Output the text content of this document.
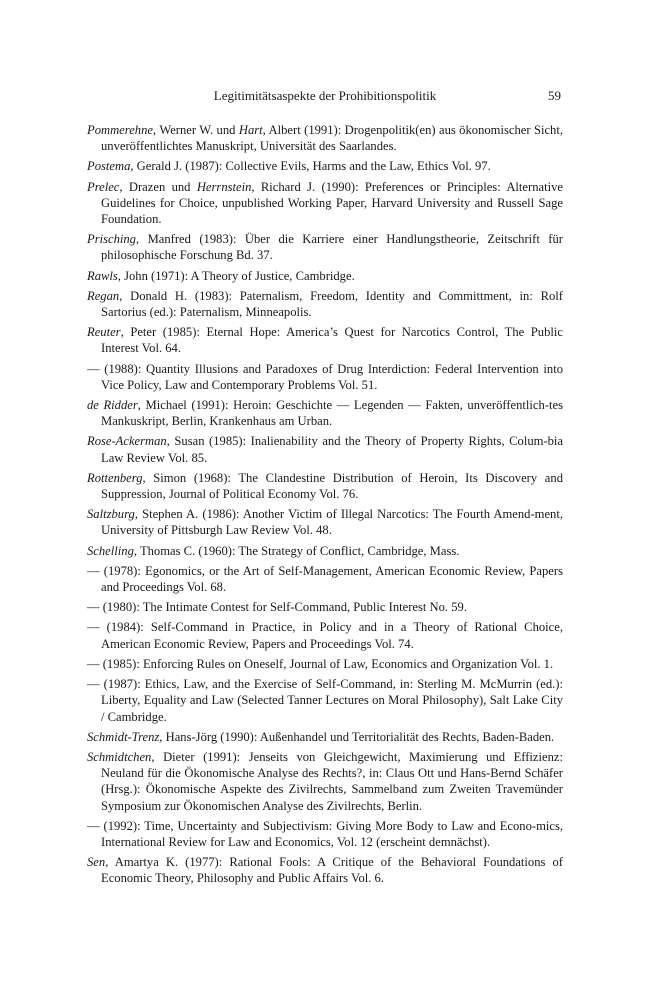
Legitimitätsaspekte der Prohibitionspolitik	59

Pommerehne, Werner W. und Hart, Albert (1991): Drogenpolitik(en) aus ökonomischer Sicht, unveröffentlichtes Manuskript, Universität des Saarlandes.

Postema, Gerald J. (1987): Collective Evils, Harms and the Law, Ethics Vol. 97.

Prelec, Drazen und Herrnstein, Richard J. (1990): Preferences or Principles: Alternative Guidelines for Choice, unpublished Working Paper, Harvard University and Russell Sage Foundation.

Prisching, Manfred (1983): Über die Karriere einer Handlungstheorie, Zeitschrift für philosophische Forschung Bd. 37.

Rawls, John (1971): A Theory of Justice, Cambridge.

Regan, Donald H. (1983): Paternalism, Freedom, Identity and Committment, in: Rolf Sartorius (ed.): Paternalism, Minneapolis.

Reuter, Peter (1985): Eternal Hope: America’s Quest for Narcotics Control, The Public Interest Vol. 64.

— (1988): Quantity Illusions and Paradoxes of Drug Interdiction: Federal Intervention into Vice Policy, Law and Contemporary Problems Vol. 51.

de Ridder, Michael (1991): Heroin: Geschichte — Legenden — Fakten, unveröffentlich-tes Mankuskript, Berlin, Krankenhaus am Urban.

Rose-Ackerman, Susan (1985): Inalienability and the Theory of Property Rights, Colum-bia Law Review Vol. 85.

Rottenberg, Simon (1968): The Clandestine Distribution of Heroin, Its Discovery and Suppression, Journal of Political Economy Vol. 76.

Saltzburg, Stephen A. (1986): Another Victim of Illegal Narcotics: The Fourth Amend-ment, University of Pittsburgh Law Review Vol. 48.

Schelling, Thomas C. (1960): The Strategy of Conflict, Cambridge, Mass.

— (1978): Egonomics, or the Art of Self-Management, American Economic Review, Papers and Proceedings Vol. 68.

— (1980): The Intimate Contest for Self-Command, Public Interest No. 59.

— (1984): Self-Command in Practice, in Policy and in a Theory of Rational Choice, American Economic Review, Papers and Proceedings Vol. 74.

— (1985): Enforcing Rules on Oneself, Journal of Law, Economics and Organization Vol. 1.

— (1987): Ethics, Law, and the Exercise of Self-Command, in: Sterling M. McMurrin (ed.): Liberty, Equality and Law (Selected Tanner Lectures on Moral Philosophy), Salt Lake City / Cambridge.

Schmidt-Trenz, Hans-Jörg (1990): Außenhandel und Territorialität des Rechts, Baden-Baden.

Schmidtchen, Dieter (1991): Jenseits von Gleichgewicht, Maximierung und Effizienz: Neuland für die Ökonomische Analyse des Rechts?, in: Claus Ott und Hans-Bernd Schäfer (Hrsg.): Ökonomische Aspekte des Zivilrechts, Sammelband zum Zweiten Travemünder Symposium zur Ökonomischen Analyse des Zivilrechts, Berlin.

— (1992): Time, Uncertainty and Subjectivism: Giving More Body to Law and Econo-mics, International Review for Law and Economics, Vol. 12 (erscheint demnächst).

Sen, Amartya K. (1977): Rational Fools: A Critique of the Behavioral Foundations of Economic Theory, Philosophy and Public Affairs Vol. 6.
